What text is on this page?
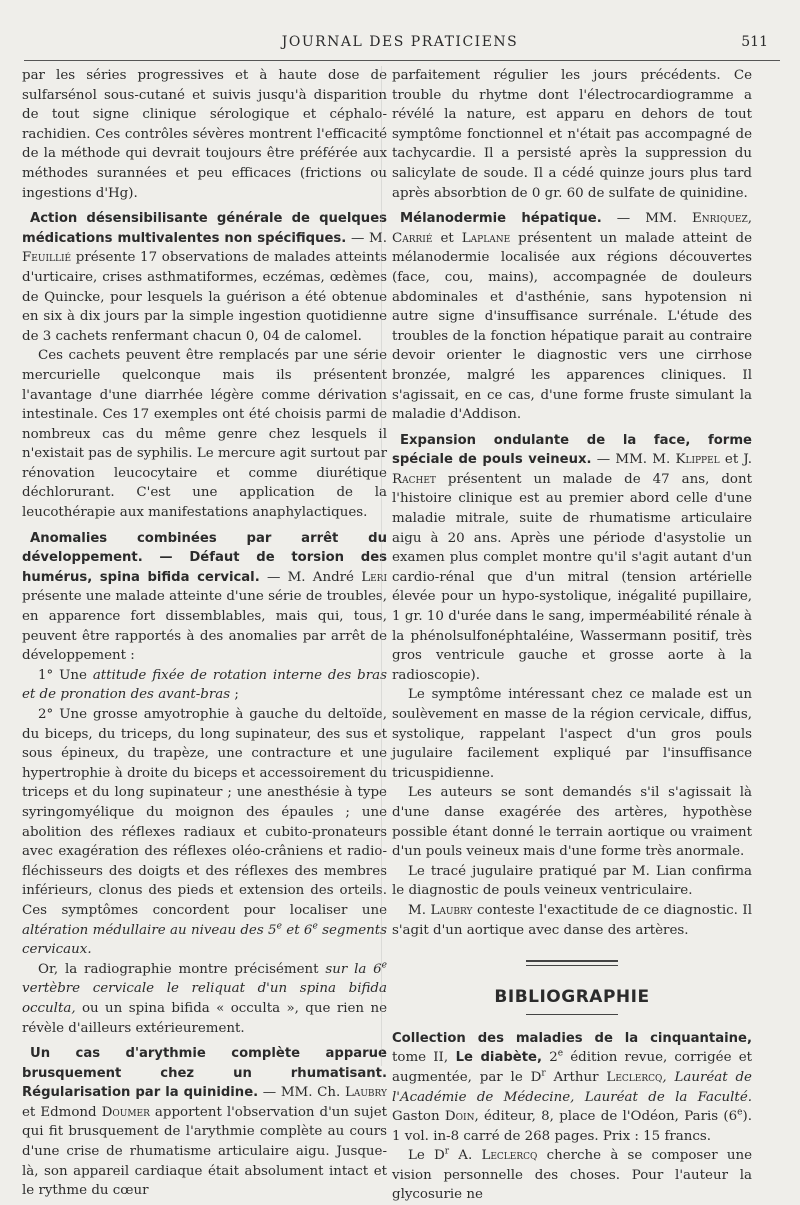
JOURNAL DES PRATICIENS	511

par les séries progressives et à haute dose de sulfarsénol sous-cutané et suivis jusqu'à disparition de tout signe clinique sérologique et céphalo-rachidien. Ces contrôles sévères montrent l'efficacité de la méthode qui devrait toujours être préférée aux méthodes surannées et peu efficaces (frictions ou ingestions d'Hg).

Action désensibilisante générale de quelques médications multivalentes non spécifiques. — M. Feuillié présente 17 observations de malades atteints d'urticaire, crises asthmatiformes, eczémas, œdèmes de Quincke, pour lesquels la guérison a été obtenue en six à dix jours par la simple ingestion quotidienne de 3 cachets renfermant chacun 0, 04 de calomel.

Ces cachets peuvent être remplacés par une série mercurielle quelconque mais ils présentent l'avantage d'une diarrhée légère comme dérivation intestinale. Ces 17 exemples ont été choisis parmi de nombreux cas du même genre chez lesquels il n'existait pas de syphilis. Le mercure agit surtout par rénovation leucocytaire et comme diurétique déchlorurant. C'est une application de la leucothérapie aux manifestations anaphylactiques.

Anomalies combinées par arrêt du développement. — Défaut de torsion des humérus, spina bifida cervical. — M. André Leri présente une malade atteinte d'une série de troubles, en apparence fort dissemblables, mais qui, tous, peuvent être rapportés à des anomalies par arrêt de développement :

1° Une attitude fixée de rotation interne des bras et de pronation des avant-bras ;

2° Une grosse amyotrophie à gauche du deltoïde, du biceps, du triceps, du long supinateur, des sus et sous épineux, du trapèze, une contracture et une hypertrophie à droite du biceps et accessoirement du triceps et du long supinateur ; une anesthésie à type syringomyélique du moignon des épaules ; une abolition des réflexes radiaux et cubito-pronateurs avec exagération des réflexes oléo-crâniens et radio-fléchisseurs des doigts et des réflexes des membres inférieurs, clonus des pieds et extension des orteils. Ces symptômes concordent pour localiser une altération médullaire au niveau des 5e et 6e segments cervicaux.

Or, la radiographie montre précisément sur la 6e vertèbre cervicale le reliquat d'un spina bifida occulta, ou un spina bifida « occulta », que rien ne révèle d'ailleurs extérieurement.

Un cas d'arythmie complète apparue brusquement chez un rhumatisant. Régularisation par la quinidine. — MM. Ch. Laubry et Edmond Doumer apportent l'observation d'un sujet qui fit brusquement de l'arythmie complète au cours d'une crise de rhumatisme articulaire aigu. Jusque-là, son appareil cardiaque était absolument intact et le rythme du cœur

parfaitement régulier les jours précédents. Ce trouble du rhytme dont l'électrocardiogramme a révélé la nature, est apparu en dehors de tout symptôme fonctionnel et n'était pas accompagné de tachycardie. Il a persisté après la suppression du salicylate de soude. Il a cédé quinze jours plus tard après absorbtion de 0 gr. 60 de sulfate de quinidine.

Mélanodermie hépatique. — MM. Enriquez, Carrié et Laplane présentent un malade atteint de mélanodermie localisée aux régions découvertes (face, cou, mains), accompagnée de douleurs abdominales et d'asthénie, sans hypotension ni autre signe d'insuffisance surrénale. L'étude des troubles de la fonction hépatique parait au contraire devoir orienter le diagnostic vers une cirrhose bronzée, malgré les apparences cliniques. Il s'agissait, en ce cas, d'une forme fruste simulant la maladie d'Addison.

Expansion ondulante de la face, forme spéciale de pouls veineux. — MM. M. Klippel et J. Rachet présentent un malade de 47 ans, dont l'histoire clinique est au premier abord celle d'une maladie mitrale, suite de rhumatisme articulaire aigu à 20 ans. Après une période d'asystolie un examen plus complet montre qu'il s'agit autant d'un cardio-rénal que d'un mitral (tension artérielle élevée pour un hypo-systolique, inégalité pupillaire, 1 gr. 10 d'urée dans le sang, imperméabilité rénale à la phénolsulfonéphtaléine, Wassermann positif, très gros ventricule gauche et grosse aorte à la radioscopie).

Le symptôme intéressant chez ce malade est un soulèvement en masse de la région cervicale, diffus, systolique, rappelant l'aspect d'un gros pouls jugulaire facilement expliqué par l'insuffisance tricuspidienne.

Les auteurs se sont demandés s'il s'agissait là d'une danse exagérée des artères, hypothèse possible étant donné le terrain aortique ou vraiment d'un pouls veineux mais d'une forme très anormale.

Le tracé jugulaire pratiqué par M. Lian confirma le diagnostic de pouls veineux ventriculaire.

M. Laubry conteste l'exactitude de ce diagnostic. Il s'agit d'un aortique avec danse des artères.

BIBLIOGRAPHIE

Collection des maladies de la cinquantaine, tome II, Le diabète, 2e édition revue, corrigée et augmentée, par le $D^r$ Arthur Leclercq, Lauréat de l'Académie de Médecine, Lauréat de la Faculté. Gaston Doin, éditeur, 8, place de l'Odéon, Paris (6e). 1 vol. in-8 carré de 268 pages. Prix : 15 francs.

Le $D^r$ A. Leclercq cherche à se composer une vision personnelle des choses. Pour l'auteur la glycosurie ne
